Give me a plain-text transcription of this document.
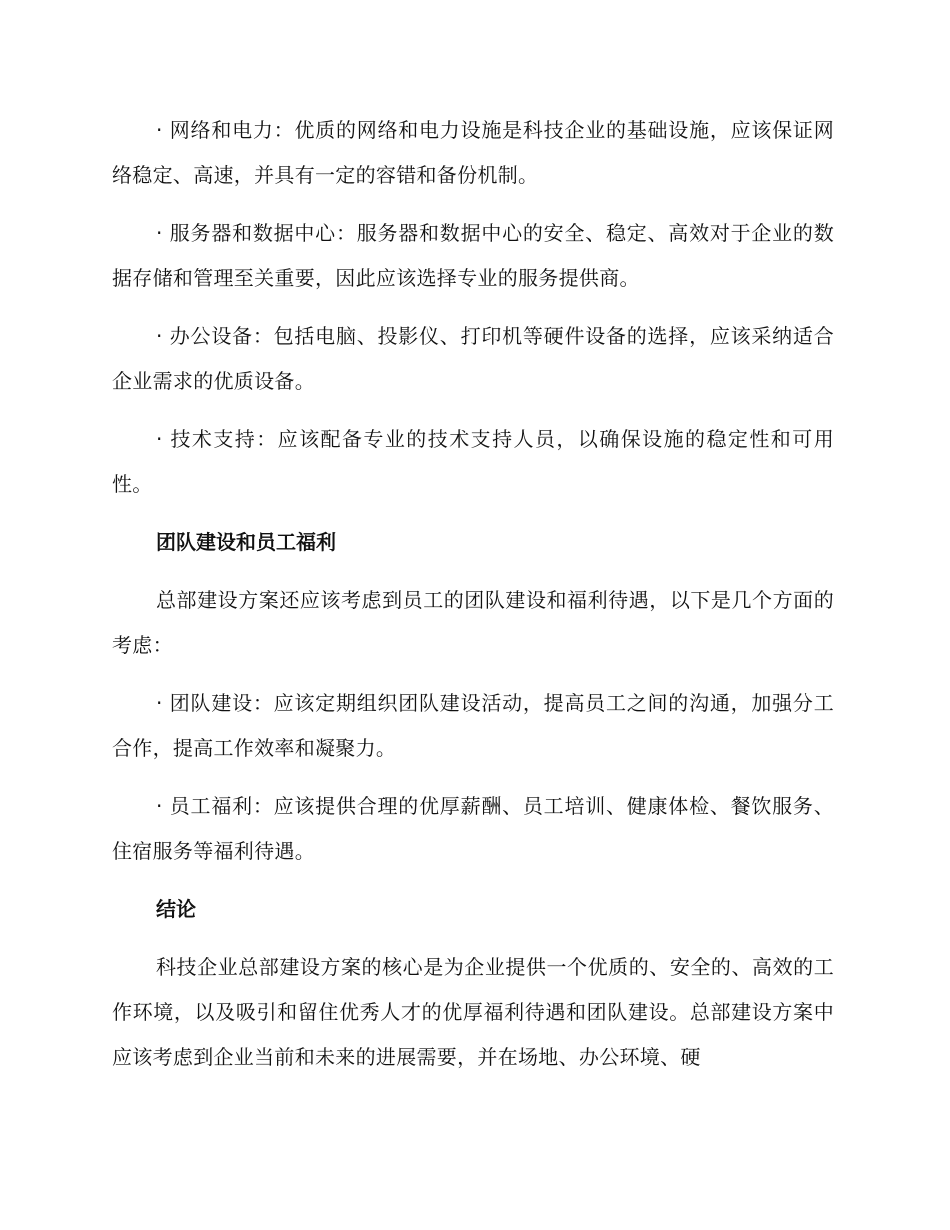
· 网络和电力：优质的网络和电力设施是科技企业的基础设施，应该保证网络稳定、高速，并具有一定的容错和备份机制。

· 服务器和数据中心：服务器和数据中心的安全、稳定、高效对于企业的数据存储和管理至关重要，因此应该选择专业的服务提供商。

· 办公设备：包括电脑、投影仪、打印机等硬件设备的选择，应该采纳适合企业需求的优质设备。

· 技术支持：应该配备专业的技术支持人员，以确保设施的稳定性和可用性。

团队建设和员工福利

总部建设方案还应该考虑到员工的团队建设和福利待遇，以下是几个方面的考虑：

· 团队建设：应该定期组织团队建设活动，提高员工之间的沟通，加强分工合作，提高工作效率和凝聚力。

· 员工福利：应该提供合理的优厚薪酬、员工培训、健康体检、餐饮服务、住宿服务等福利待遇。

结论

科技企业总部建设方案的核心是为企业提供一个优质的、安全的、高效的工作环境，以及吸引和留住优秀人才的优厚福利待遇和团队建设。总部建设方案中应该考虑到企业当前和未来的进展需要，并在场地、办公环境、硬
